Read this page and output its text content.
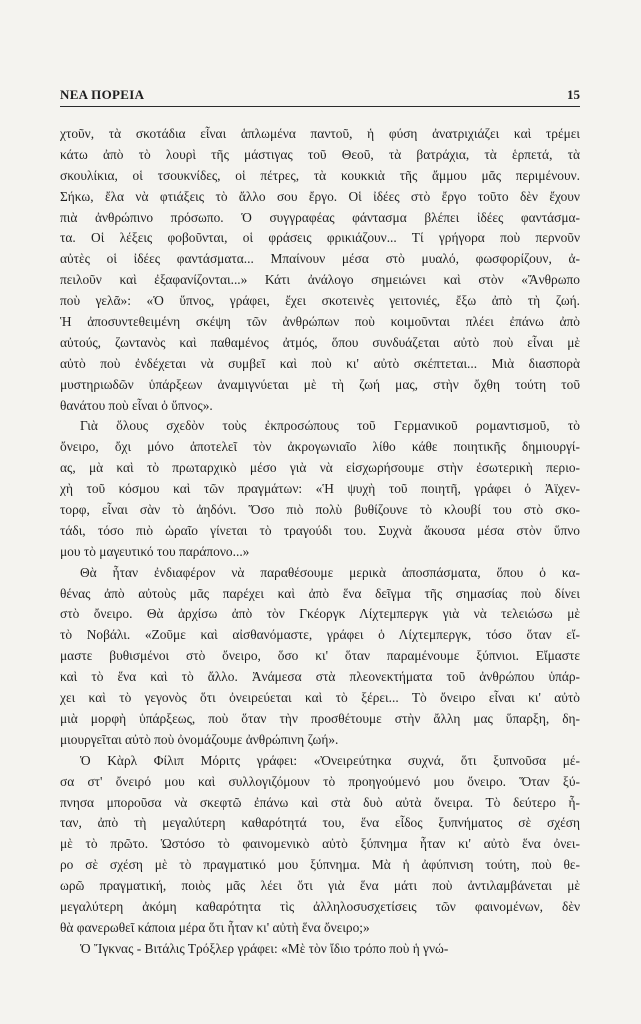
ΝΕΑ ΠΟΡΕΙΑ	15
χτοῦν, τὰ σκοτάδια εἶναι ἁπλωμένα παντοῦ, ἡ φύση ἀνατριχιάζει καὶ τρέμει
κάτω ἀπὸ τὸ λουρὶ τῆς μάστιγας τοῦ Θεοῦ, τὰ βατράχια, τὰ ἑρπετά, τὰ
σκουλίκια, οἱ τσουκνίδες, οἱ πέτρες, τὰ κουκκιὰ τῆς ἄμμου μᾶς περιμένουν.
Σήκω, ἔλα νὰ φτιάξεις τὸ ἄλλο σου ἔργο. Οἱ ἰδέες στὸ ἔργο τοῦτο δὲν ἔχουν
πιὰ ἀνθρώπινο πρόσωπο. Ὁ συγγραφέας φάντασμα βλέπει ἰδέες φαντάσμα-
τα. Οἱ λέξεις φοβοῦνται, οἱ φράσεις φρικιάζουν... Τί γρήγορα ποὺ περνοῦν
αὐτὲς οἱ ἰδέες φαντάσματα... Μπαίνουν μέσα στὸ μυαλό, φωσφορίζουν, ἀ-
πειλοῦν καὶ ἐξαφανίζονται...» Κάτι ἀνάλογο σημειώνει καὶ στὸν «Ἄνθρωπο
ποὺ γελᾶ»: «Ὁ ὕπνος, γράφει, ἔχει σκοτεινὲς γειτονιές, ἔξω ἀπὸ τὴ ζωή.
Ἡ ἀποσυντεθειμένη σκέψη τῶν ἀνθρώπων ποὺ κοιμοῦνται πλέει ἐπάνω ἀπὸ
αὐτούς, ζωντανὸς καὶ παθαμένος ἀτμός, ὅπου συνδυάζεται αὐτὸ ποὺ εἶναι μὲ
αὐτὸ ποὺ ἐνδέχεται νὰ συμβεῖ καὶ ποὺ κι' αὐτὸ σκέπτεται... Μιὰ διασπορὰ
μυστηριωδῶν ὑπάρξεων ἀναμιγνύεται μὲ τὴ ζωή μας, στὴν ὄχθη τούτη τοῦ
θανάτου ποὺ εἶναι ὁ ὕπνος».
Γιὰ ὅλους σχεδὸν τοὺς ἐκπροσώπους τοῦ Γερμανικοῦ ρομαντισμοῦ, τὸ
ὄνειρο, ὄχι μόνο ἀποτελεῖ τὸν ἀκρογωνιαῖο λίθο κάθε ποιητικῆς δημιουργί-
ας, μὰ καὶ τὸ πρωταρχικὸ μέσο γιὰ νὰ εἰσχωρήσουμε στὴν ἐσωτερικὴ περιο-
χὴ τοῦ κόσμου καὶ τῶν πραγμάτων: «Ἡ ψυχὴ τοῦ ποιητῆ, γράφει ὁ Ἀϊχεν-
τορφ, εἶναι σὰν τὸ ἀηδόνι. Ὅσο πιὸ πολὺ βυθίζουνε τὸ κλουβί του στὸ σκο-
τάδι, τόσο πιὸ ὡραῖο γίνεται τὸ τραγούδι του. Συχνὰ ἄκουσα μέσα στὸν ὕπνο
μου τὸ μαγευτικό του παράπονο...»
Θὰ ἦταν ἐνδιαφέρον νὰ παραθέσουμε μερικὰ ἀποσπάσματα, ὅπου ὁ κα-
θένας ἀπὸ αὐτοὺς μᾶς παρέχει καὶ ἀπὸ ἕνα δεῖγμα τῆς σημασίας ποὺ δίνει
στὸ ὄνειρο. Θὰ ἀρχίσω ἀπὸ τὸν Γκέοργκ Λίχτεμπεργκ γιὰ νὰ τελειώσω μὲ
τὸ Νοβάλι. «Ζοῦμε καὶ αἰσθανόμαστε, γράφει ὁ Λίχτεμπεργκ, τόσο ὅταν εἴ-
μαστε βυθισμένοι στὸ ὄνειρο, ὅσο κι' ὅταν παραμένουμε ξύπνιοι. Εἴμαστε
καὶ τὸ ἕνα καὶ τὸ ἄλλο. Ἀνάμεσα στὰ πλεονεκτήματα τοῦ ἀνθρώπου ὑπάρ-
χει καὶ τὸ γεγονὸς ὅτι ὀνειρεύεται καὶ τὸ ξέρει... Τὸ ὄνειρο εἶναι κι' αὐτὸ
μιὰ μορφὴ ὑπάρξεως, ποὺ ὅταν τὴν προσθέτουμε στὴν ἄλλη μας ὕπαρξη, δη-
μιουργεῖται αὐτὸ ποὺ ὀνομάζουμε ἀνθρώπινη ζωή».
Ὁ Κὰρλ Φίλιπ Μόριτς γράφει: «Ὀνειρεύτηκα συχνά, ὅτι ξυπνοῦσα μέ-
σα στ' ὄνειρό μου καὶ συλλογιζόμουν τὸ προηγούμενό μου ὄνειρο. Ὅταν ξύ-
πνησα μποροῦσα νὰ σκεφτῶ ἐπάνω καὶ στὰ δυὸ αὐτὰ ὄνειρα. Τὸ δεύτερο ἦ-
ταν, ἀπὸ τὴ μεγαλύτερη καθαρότητά του, ἕνα εἶδος ξυπνήματος σὲ σχέση
μὲ τὸ πρῶτο. Ὡστόσο τὸ φαινομενικὸ αὐτὸ ξύπνημα ἦταν κι' αὐτὸ ἕνα ὀνει-
ρο σὲ σχέση μὲ τὸ πραγματικό μου ξύπνημα. Μὰ ἡ ἀφύπνιση τούτη, ποὺ θε-
ωρῶ πραγματική, ποιὸς μᾶς λέει ὅτι γιὰ ἕνα μάτι ποὺ ἀντιλαμβάνεται μὲ
μεγαλύτερη ἀκόμη καθαρότητα τὶς ἀλληλοσυσχετίσεις τῶν φαινομένων, δὲν
θὰ φανερωθεῖ κάποια μέρα ὅτι ἦταν κι' αὐτὴ ἕνα ὄνειρο;»
Ὁ Ἴγκνας - Βιτάλις Τρόξλερ γράφει: «Μὲ τὸν ἴδιο τρόπο ποὺ ἡ γνώ-
